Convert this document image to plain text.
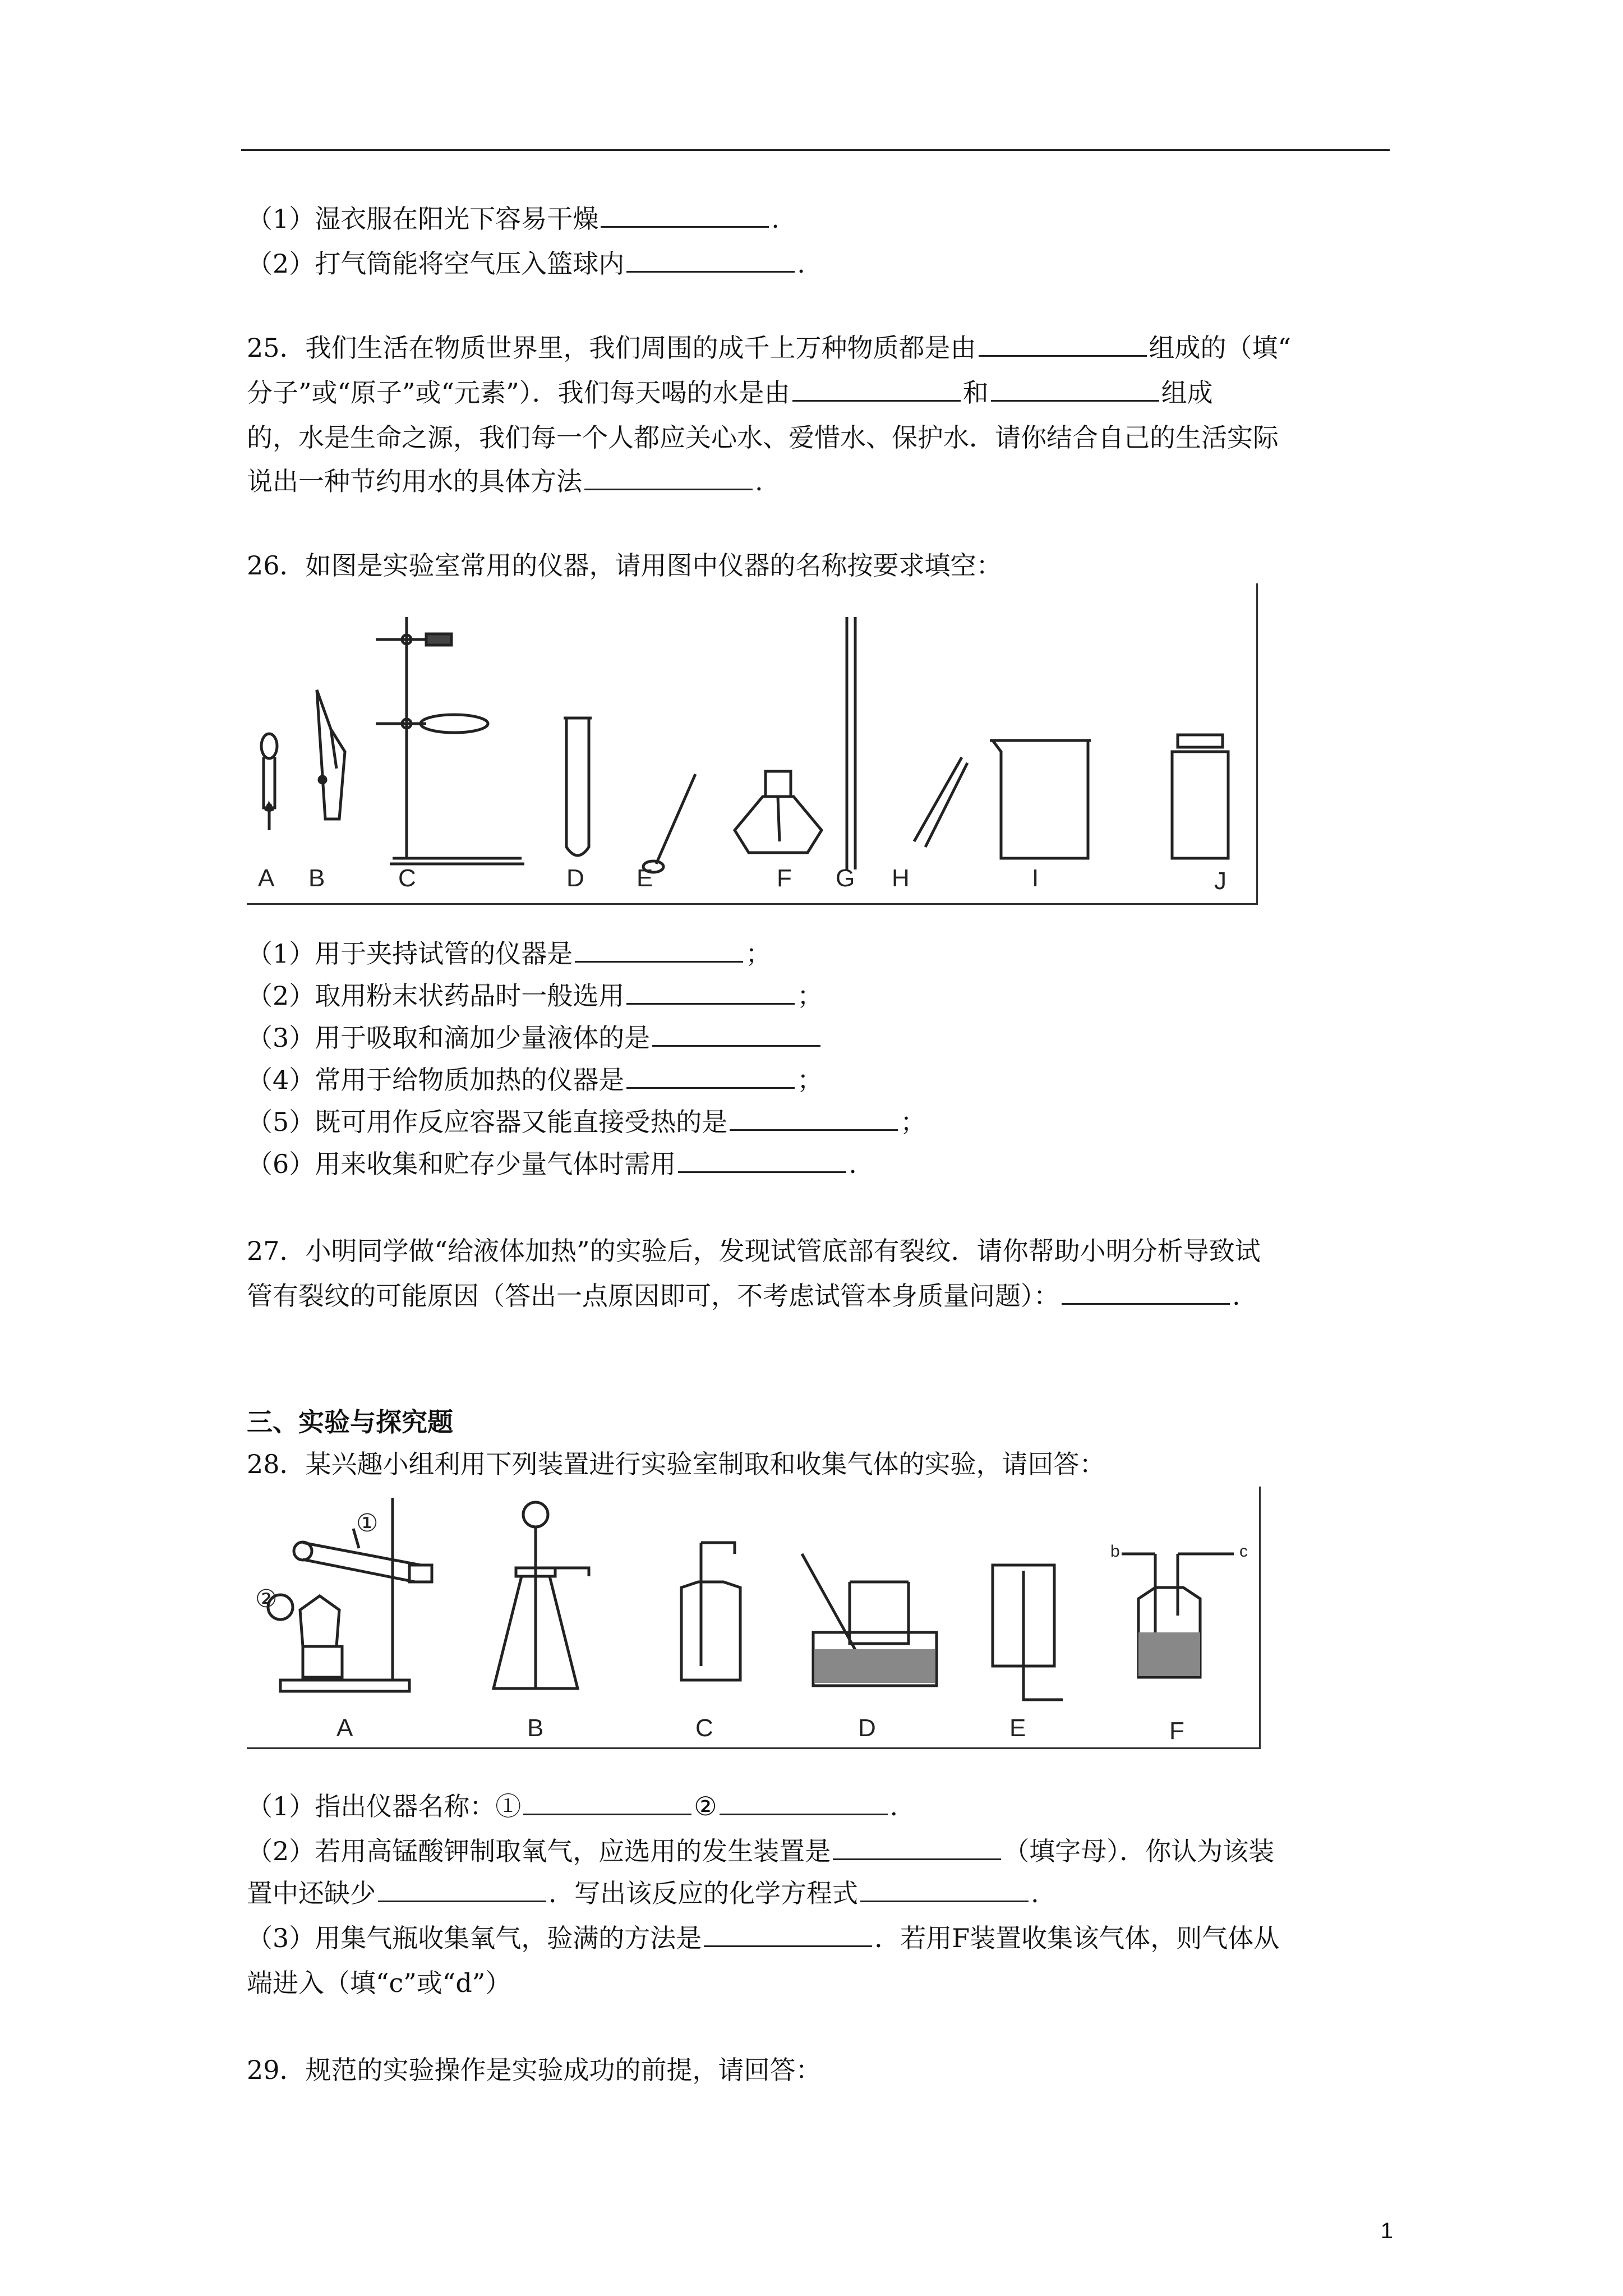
（1）湿衣服在阳光下容易干燥	.
（2）打气筒能将空气压入篮球内	.
25．我们生活在物质世界里，我们周围的成千上万种物质都是由	组成的（填“
分子”或“原子”或“元素”）．我们每天喝的水是由	和	组成
的，水是生命之源，我们每一个人都应关心水、爱惜水、保护水．请你结合自己的生活实际
说出一种节约用水的具体方法	.
26．如图是实验室常用的仪器，请用图中仪器的名称按要求填空：
A B	C	D E	F G H	I	J
（1）用于夹持试管的仪器是	；
（2）取用粉末状药品时一般选用	；
（3）用于吸取和滴加少量液体的是
（4）常用于给物质加热的仪器是	；
（5）既可用作反应容器又能直接受热的是	；
（6）用来收集和贮存少量气体时需用	.
27．小明同学做“给液体加热”的实验后，发现试管底部有裂纹．请你帮助小明分析导致试
管有裂纹的可能原因（答出一点原因即可，不考虑试管本身质量问题）：	.
三、实验与探究题
28．某兴趣小组利用下列装置进行实验室制取和收集气体的实验，请回答：
A	B	C	D	E	F
①
②
b	c
（1）指出仪器名称：①	②	.
（2）若用高锰酸钾制取氧气，应选用的发生装置是	（填字母）．你认为该装
置中还缺少	．写出该反应的化学方程式	.
（3）用集气瓶收集氧气，验满的方法是	．若用F装置收集该气体，则气体从
端进入（填“c”或“d”）
29．规范的实验操作是实验成功的前提，请回答：
1
